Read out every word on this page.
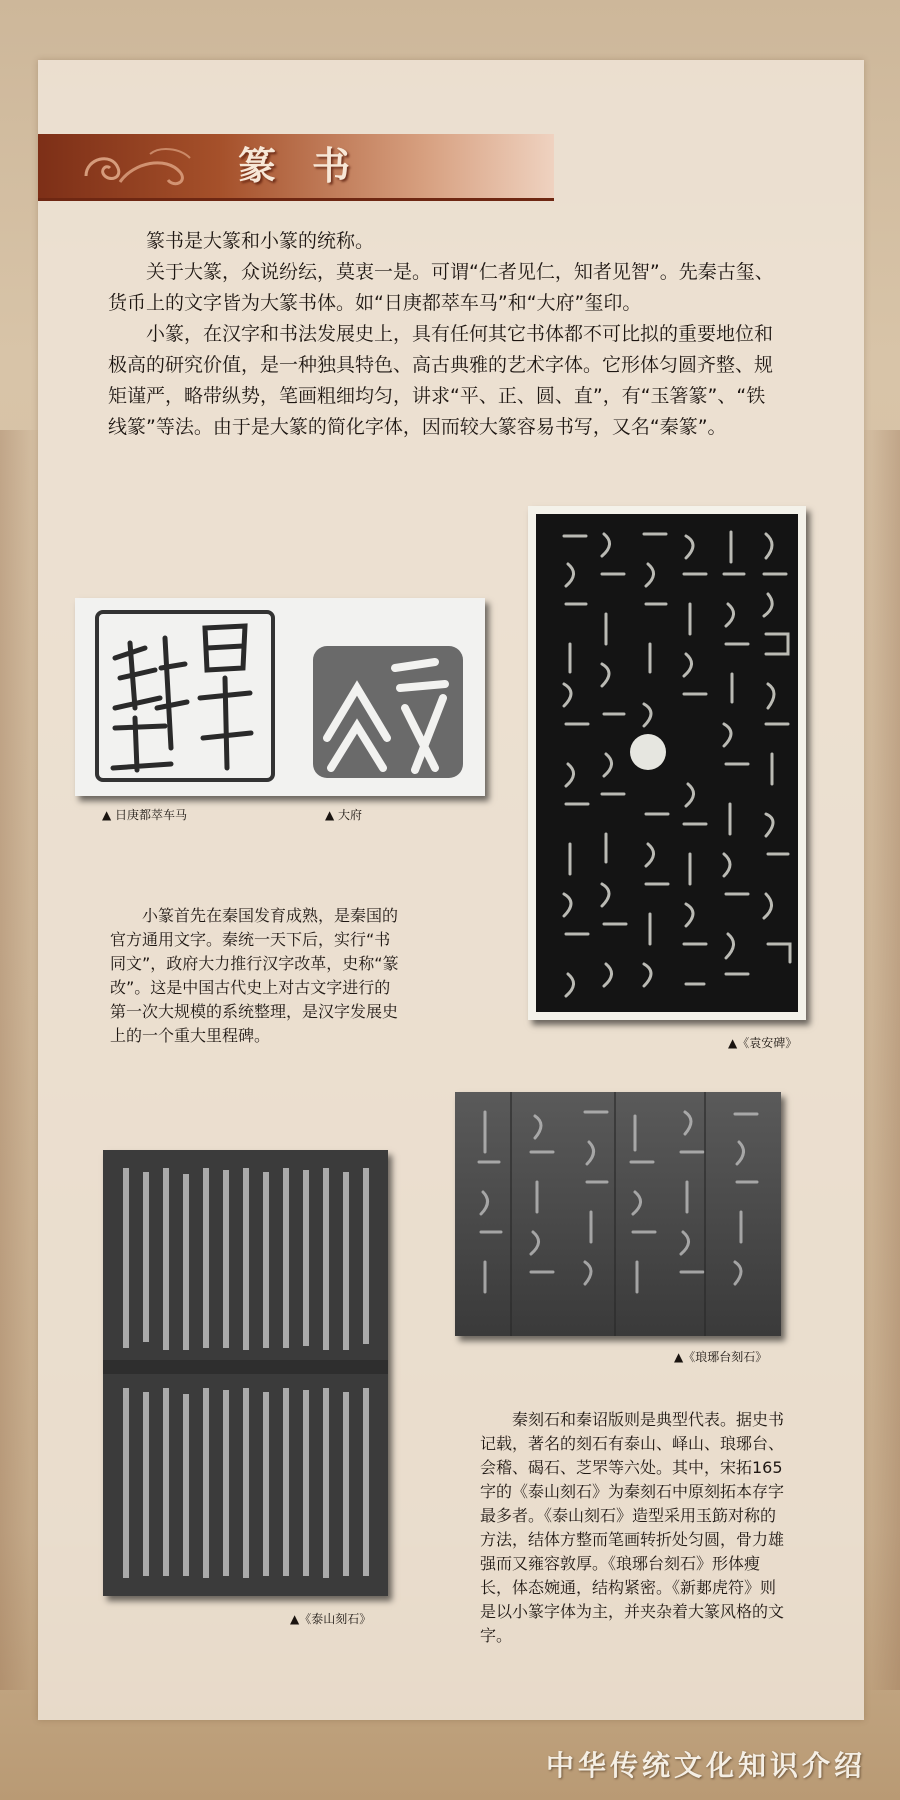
篆书

篆书是大篆和小篆的统称。

关于大篆，众说纷纭，莫衷一是。可谓“仁者见仁，知者见智”。先秦古玺、货币上的文字皆为大篆书体。如“日庚都萃车马”和“大府”玺印。

小篆，在汉字和书法发展史上，具有任何其它书体都不可比拟的重要地位和极高的研究价值，是一种独具特色、高古典雅的艺术字体。它形体匀圆齐整、规矩谨严，略带纵势，笔画粗细均匀，讲求“平、正、圆、直”，有“玉箸篆”、“铁线篆”等法。由于是大篆的简化字体，因而较大篆容易书写，又名“秦篆”。

▲ 日庚都萃车马	▲ 大府
▲《袁安碑》

小篆首先在秦国发育成熟，是秦国的官方通用文字。秦统一天下后，实行“书同文”，政府大力推行汉字改革，史称“篆改”。这是中国古代史上对古文字进行的第一次大规模的系统整理，是汉字发展史上的一个重大里程碑。

▲《琅琊台刻石》
▲《泰山刻石》

秦刻石和秦诏版则是典型代表。据史书记载，著名的刻石有泰山、峄山、琅琊台、会稽、碣石、芝罘等六处。其中，宋拓165字的《泰山刻石》为秦刻石中原刻拓本存字最多者。《泰山刻石》造型采用玉筯对称的方法，结体方整而笔画转折处匀圆，骨力雄强而又雍容敦厚。《琅琊台刻石》形体瘦长，体态婉通，结构紧密。《新郪虎符》则是以小篆字体为主，并夹杂着大篆风格的文字。

中华传统文化知识介绍
